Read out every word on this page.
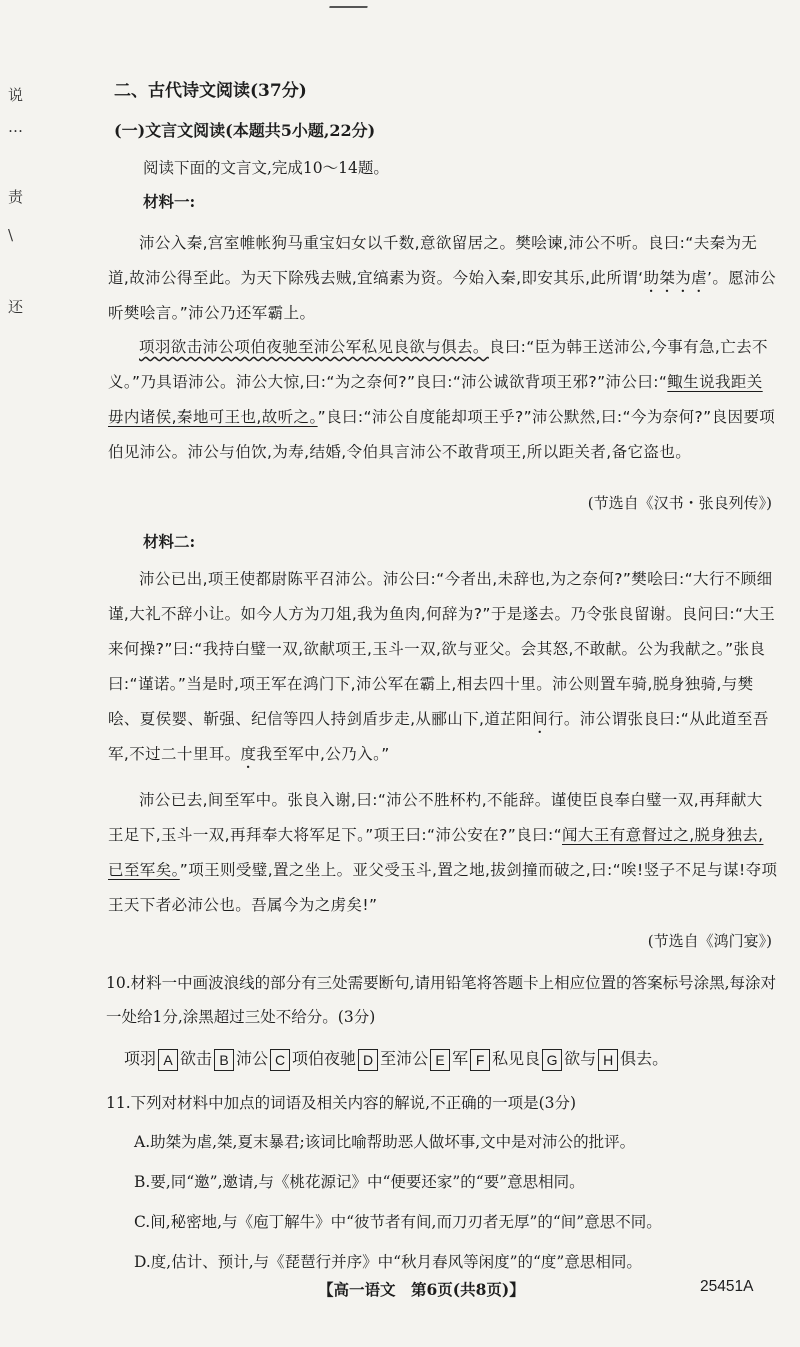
说
…
责
\
还
二、古代诗文阅读(37分)
(一)文言文阅读(本题共5小题,22分)
阅读下面的文言文,完成10～14题。
材料一:
沛公入秦,宫室帷帐狗马重宝妇女以千数,意欲留居之。樊哙谏,沛公不听。良曰:“夫秦为无道,故沛公得至此。为天下除残去贼,宜缟素为资。今始入秦,即安其乐,此所谓‘助桀为虐’。愿沛公听樊哙言。”沛公乃还军霸上。
项羽欲击沛公项伯夜驰至沛公军私见良欲与俱去。良曰:“臣为韩王送沛公,今事有急,亡去不义。”乃具语沛公。沛公大惊,曰:“为之奈何?”良曰:“沛公诚欲背项王邪?”沛公曰:“鲰生说我距关毋内诸侯,秦地可王也,故听之。”良曰:“沛公自度能却项王乎?”沛公默然,曰:“今为奈何?”良因要项伯见沛公。沛公与伯饮,为寿,结婚,令伯具言沛公不敢背项王,所以距关者,备它盗也。
(节选自《汉书・张良列传》)
材料二:
沛公已出,项王使都尉陈平召沛公。沛公曰:“今者出,未辞也,为之奈何?”樊哙曰:“大行不顾细谨,大礼不辞小让。如今人方为刀俎,我为鱼肉,何辞为?”于是遂去。乃令张良留谢。良问曰:“大王来何操?”曰:“我持白璧一双,欲献项王,玉斗一双,欲与亚父。会其怒,不敢献。公为我献之。”张良曰:“谨诺。”当是时,项王军在鸿门下,沛公军在霸上,相去四十里。沛公则置车骑,脱身独骑,与樊哙、夏侯婴、靳强、纪信等四人持剑盾步走,从郦山下,道芷阳间行。沛公谓张良曰:“从此道至吾军,不过二十里耳。度我至军中,公乃入。”
沛公已去,间至军中。张良入谢,曰:“沛公不胜杯杓,不能辞。谨使臣良奉白璧一双,再拜献大王足下,玉斗一双,再拜奉大将军足下。”项王曰:“沛公安在?”良曰:“闻大王有意督过之,脱身独去,已至军矣。”项王则受璧,置之坐上。亚父受玉斗,置之地,拔剑撞而破之,曰:“唉!竖子不足与谋!夺项王天下者必沛公也。吾属今为之虏矣!”
(节选自《鸿门宴》)
10.材料一中画波浪线的部分有三处需要断句,请用铅笔将答题卡上相应位置的答案标号涂黑,每涂对一处给1分,涂黑超过三处不给分。(3分)
项羽 A 欲击 B 沛公 C 项伯夜驰 D 至沛公 E 军 F 私见良 G 欲与 H 俱去。
11.下列对材料中加点的词语及相关内容的解说,不正确的一项是(3分)
A.助桀为虐,桀,夏末暴君;该词比喻帮助恶人做坏事,文中是对沛公的批评。
B.要,同“邀”,邀请,与《桃花源记》中“便要还家”的“要”意思相同。
C.间,秘密地,与《庖丁解牛》中“彼节者有间,而刀刃者无厚”的“间”意思不同。
D.度,估计、预计,与《琵琶行并序》中“秋月春风等闲度”的“度”意思相同。
【高一语文　第6页(共8页)】	25451A
